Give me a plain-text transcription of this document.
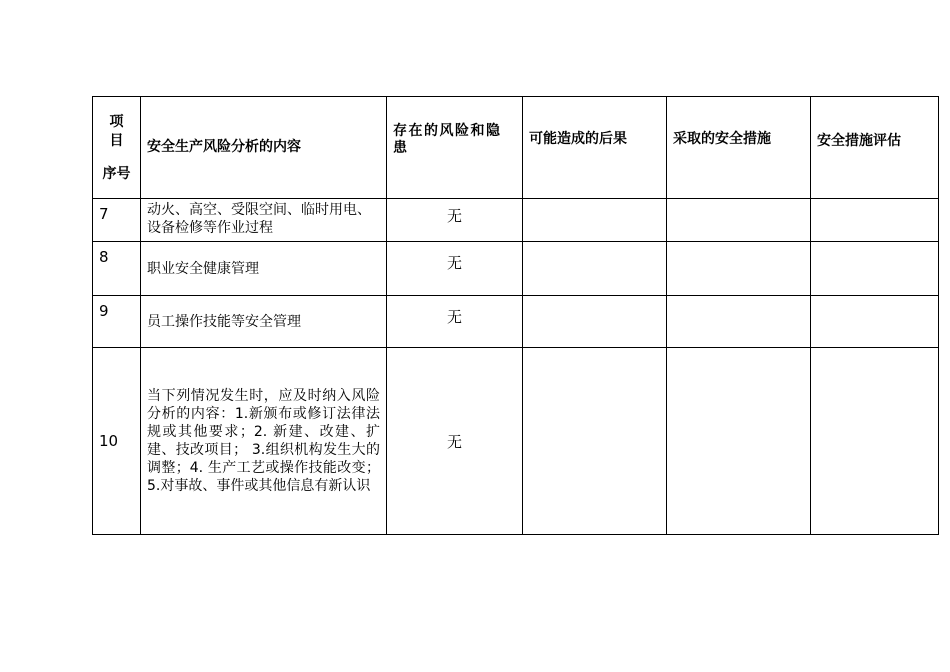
项
目
序号	安全生产风险分析的内容	存在的风险和隐患	可能造成的后果	采取的安全措施	安全措施评估
7	动火、高空、受限空间、临时用电、设备检修等作业过程	无			
8	职业安全健康管理	无			
9	员工操作技能等安全管理	无			
10	当下列情况发生时，应及时纳入风险分析的内容：1.新颁布或修订法律法规或其他要求；2. 新建、改建、扩建、技改项目； 3.组织机构发生大的调整；4. 生产工艺或操作技能改变； 5.对事故、事件或其他信息有新认识	无			
